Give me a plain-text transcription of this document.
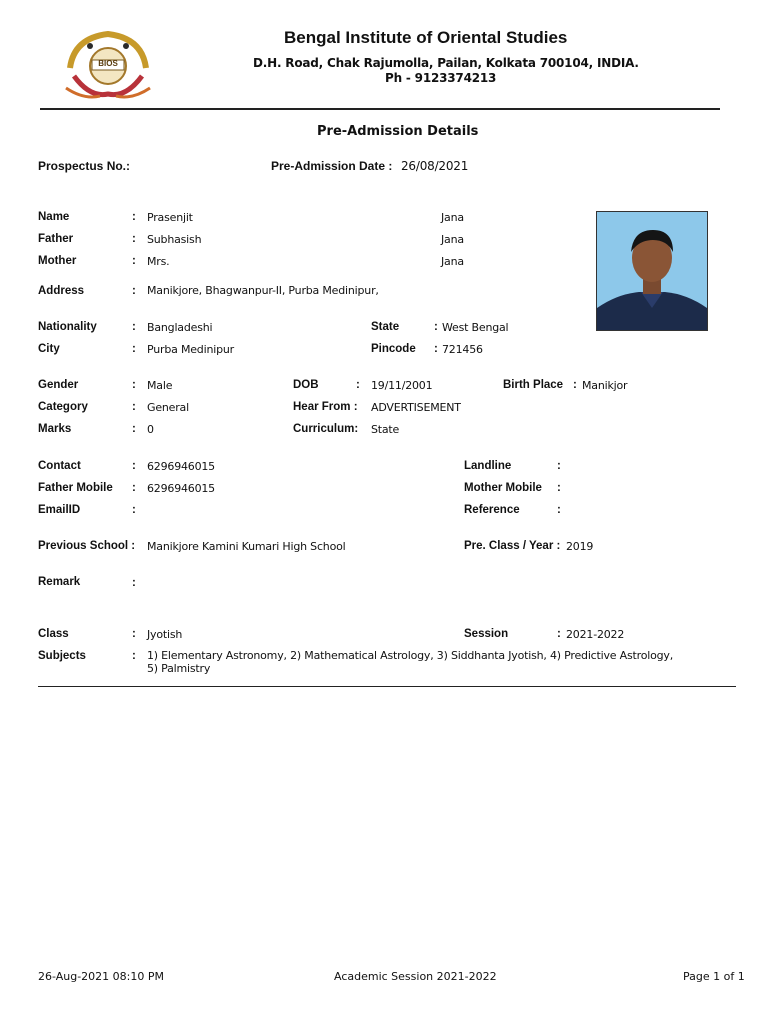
BIOS
Bengal Institute of Oriental Studies
D.H. Road, Chak Rajumolla, Pailan, Kolkata 700104, INDIA.
Ph - 9123374213
Pre-Admission Details
Prospectus No.:	Pre-Admission Date : 26/08/2021
Name	: Prasenjit	Jana
Father	: Subhasish	Jana
Mother	: Mrs.	Jana
Address	: Manikjore, Bhagwanpur-II, Purba Medinipur,
Nationality	: Bangladeshi	State	: West Bengal
City	: Purba Medinipur	Pincode : 721456
Gender	: Male	DOB	: 19/11/2001	Birth Place : Manikjor
Category	: General	Hear From : ADVERTISEMENT
Marks	: 0	Curriculum: State
Contact	: 6296946015	Landline	:
Father Mobile : 6296946015	Mother Mobile :
EmailID	:	Reference	:
Previous School : Manikjore Kamini Kumari High School	Pre. Class / Year : 2019
Remark	:
Class	: Jyotish	Session	: 2021-2022
Subjects	: 1) Elementary Astronomy, 2) Mathematical Astrology, 3) Siddhanta Jyotish, 4) Predictive Astrology, 5) Palmistry
26-Aug-2021 08:10 PM	Academic Session 2021-2022	Page 1 of 1
